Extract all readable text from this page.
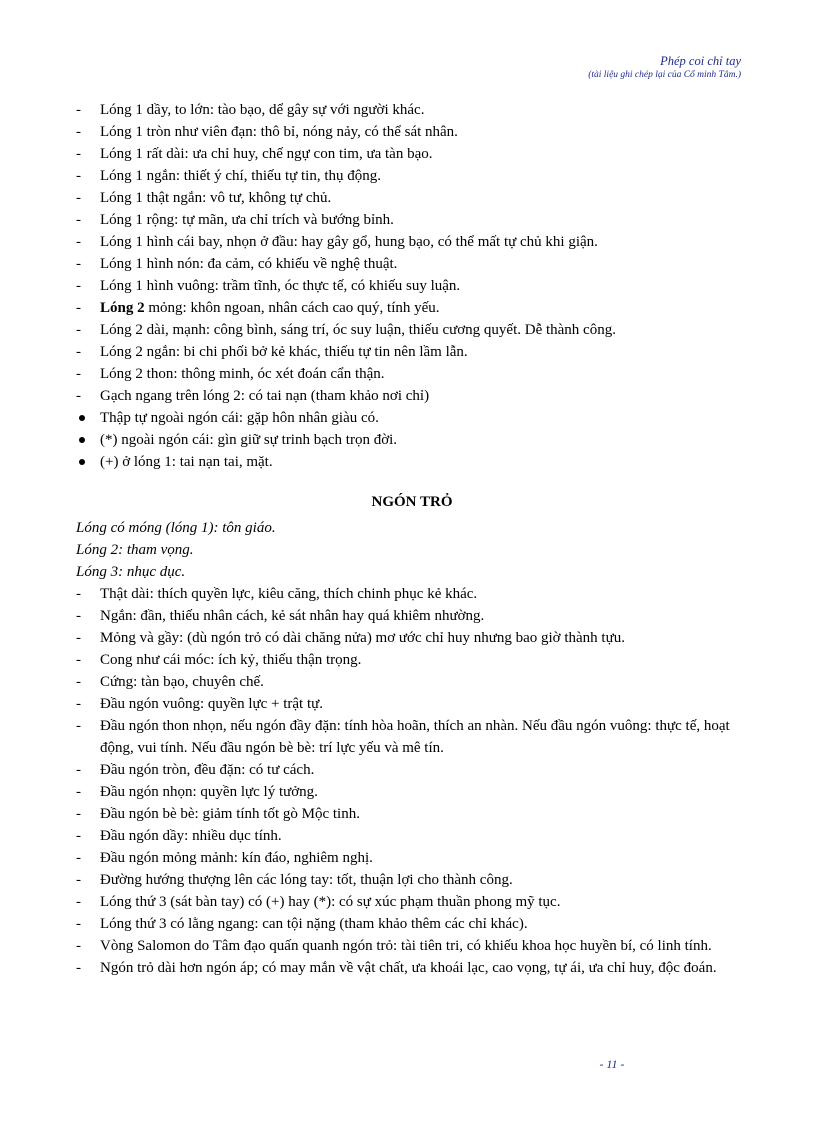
Phép coi chỉ tay
(tài liệu ghi chép lại của Cổ minh Tâm.)
-	Lóng 1 dầy, to lớn: tào bạo, dể gây sự với người khác.
-	Lóng 1 tròn như viên đạn: thô bỉ, nóng nảy, có thể sát nhân.
-	Lóng 1 rất dài: ưa chỉ huy, chế ngự con tim, ưa tàn bạo.
-	Lóng 1 ngắn: thiết ý chí, thiếu tự tin, thụ động.
-	Lóng 1 thật ngắn: vô tư, không tự chủ.
-	Lóng 1 rộng: tự mãn, ưa chỉ trích và bướng bỉnh.
-	Lóng 1 hình cái bay, nhọn ở đầu: hay gây gổ, hung bạo, có thể mất tự chủ khi giận.
-	Lóng 1 hình nón: đa cảm, có khiếu về nghệ thuật.
-	Lóng 1 hình vuông: trầm tĩnh, óc thực tế, có khiếu suy luận.
-	Lóng 2 mỏng: khôn ngoan, nhân cách cao quý, tính yếu.
-	Lóng 2 dài, mạnh: công bình, sáng trí, óc suy luận, thiếu cương quyết. Dễ thành công.
-	Lóng 2 ngắn: bi chi phối bở kẻ khác, thiếu tự tin nên lầm lẫn.
-	Lóng 2 thon: thông minh, óc xét đoán cẩn thận.
-	Gạch ngang trên lóng 2: có tai nạn (tham khảo nơi chỉ)
Thập tự ngoài ngón cái: gặp hôn nhân giàu có.
(*) ngoài ngón cái: gìn giữ sự trinh bạch trọn đời.
(+) ở lóng 1: tai nạn tai, mặt.
NGÓN TRỎ
Lóng có móng (lóng 1): tôn giáo.
Lóng 2: tham vọng.
Lóng 3: nhục dục.
-	Thật dài: thích quyền lực, kiêu căng, thích chinh phục kẻ khác.
-	Ngắn: đần, thiếu nhân cách, kẻ sát nhân hay quá khiêm nhường.
-	Mỏng và gầy: (dù ngón trỏ có dài chăng nửa) mơ ước chỉ huy nhưng bao giờ thành tựu.
-	Cong như cái móc: ích kỷ, thiếu thận trọng.
-	Cứng: tàn bạo, chuyên chế.
-	Đầu ngón vuông: quyền lực + trật tự.
-	Đầu ngón thon nhọn, nếu ngón đầy đặn: tính hòa hoãn, thích an nhàn. Nếu đầu ngón vuông: thực tế, hoạt động, vui tính. Nếu đầu ngón bè bè: trí lực yếu và mê tín.
-	Đầu ngón tròn, đều đặn: có tư cách.
-	Đầu ngón nhọn: quyền lực lý tưởng.
-	Đầu ngón bè bè: giảm tính tốt gò Mộc tinh.
-	Đầu ngón dầy: nhiều dục tính.
-	Đầu ngón mỏng mảnh: kín đáo, nghiêm nghị.
-	Đường hướng thượng lên các lóng tay: tốt, thuận lợi cho thành công.
-	Lóng thứ 3 (sát bàn tay) có (+) hay (*): có sự xúc phạm thuần phong mỹ tục.
-	Lóng thứ 3 có lằng ngang: can tội nặng (tham khảo thêm các chỉ khác).
-	Vòng Salomon do Tâm đạo quấn quanh ngón trỏ: tài tiên tri, có khiếu khoa học huyền bí, có linh tính.
-	Ngón trỏ dài hơn ngón áp; có may mắn về vật chất, ưa khoái lạc, cao vọng, tự ái, ưa chỉ huy, độc đoán.
- 11 -
